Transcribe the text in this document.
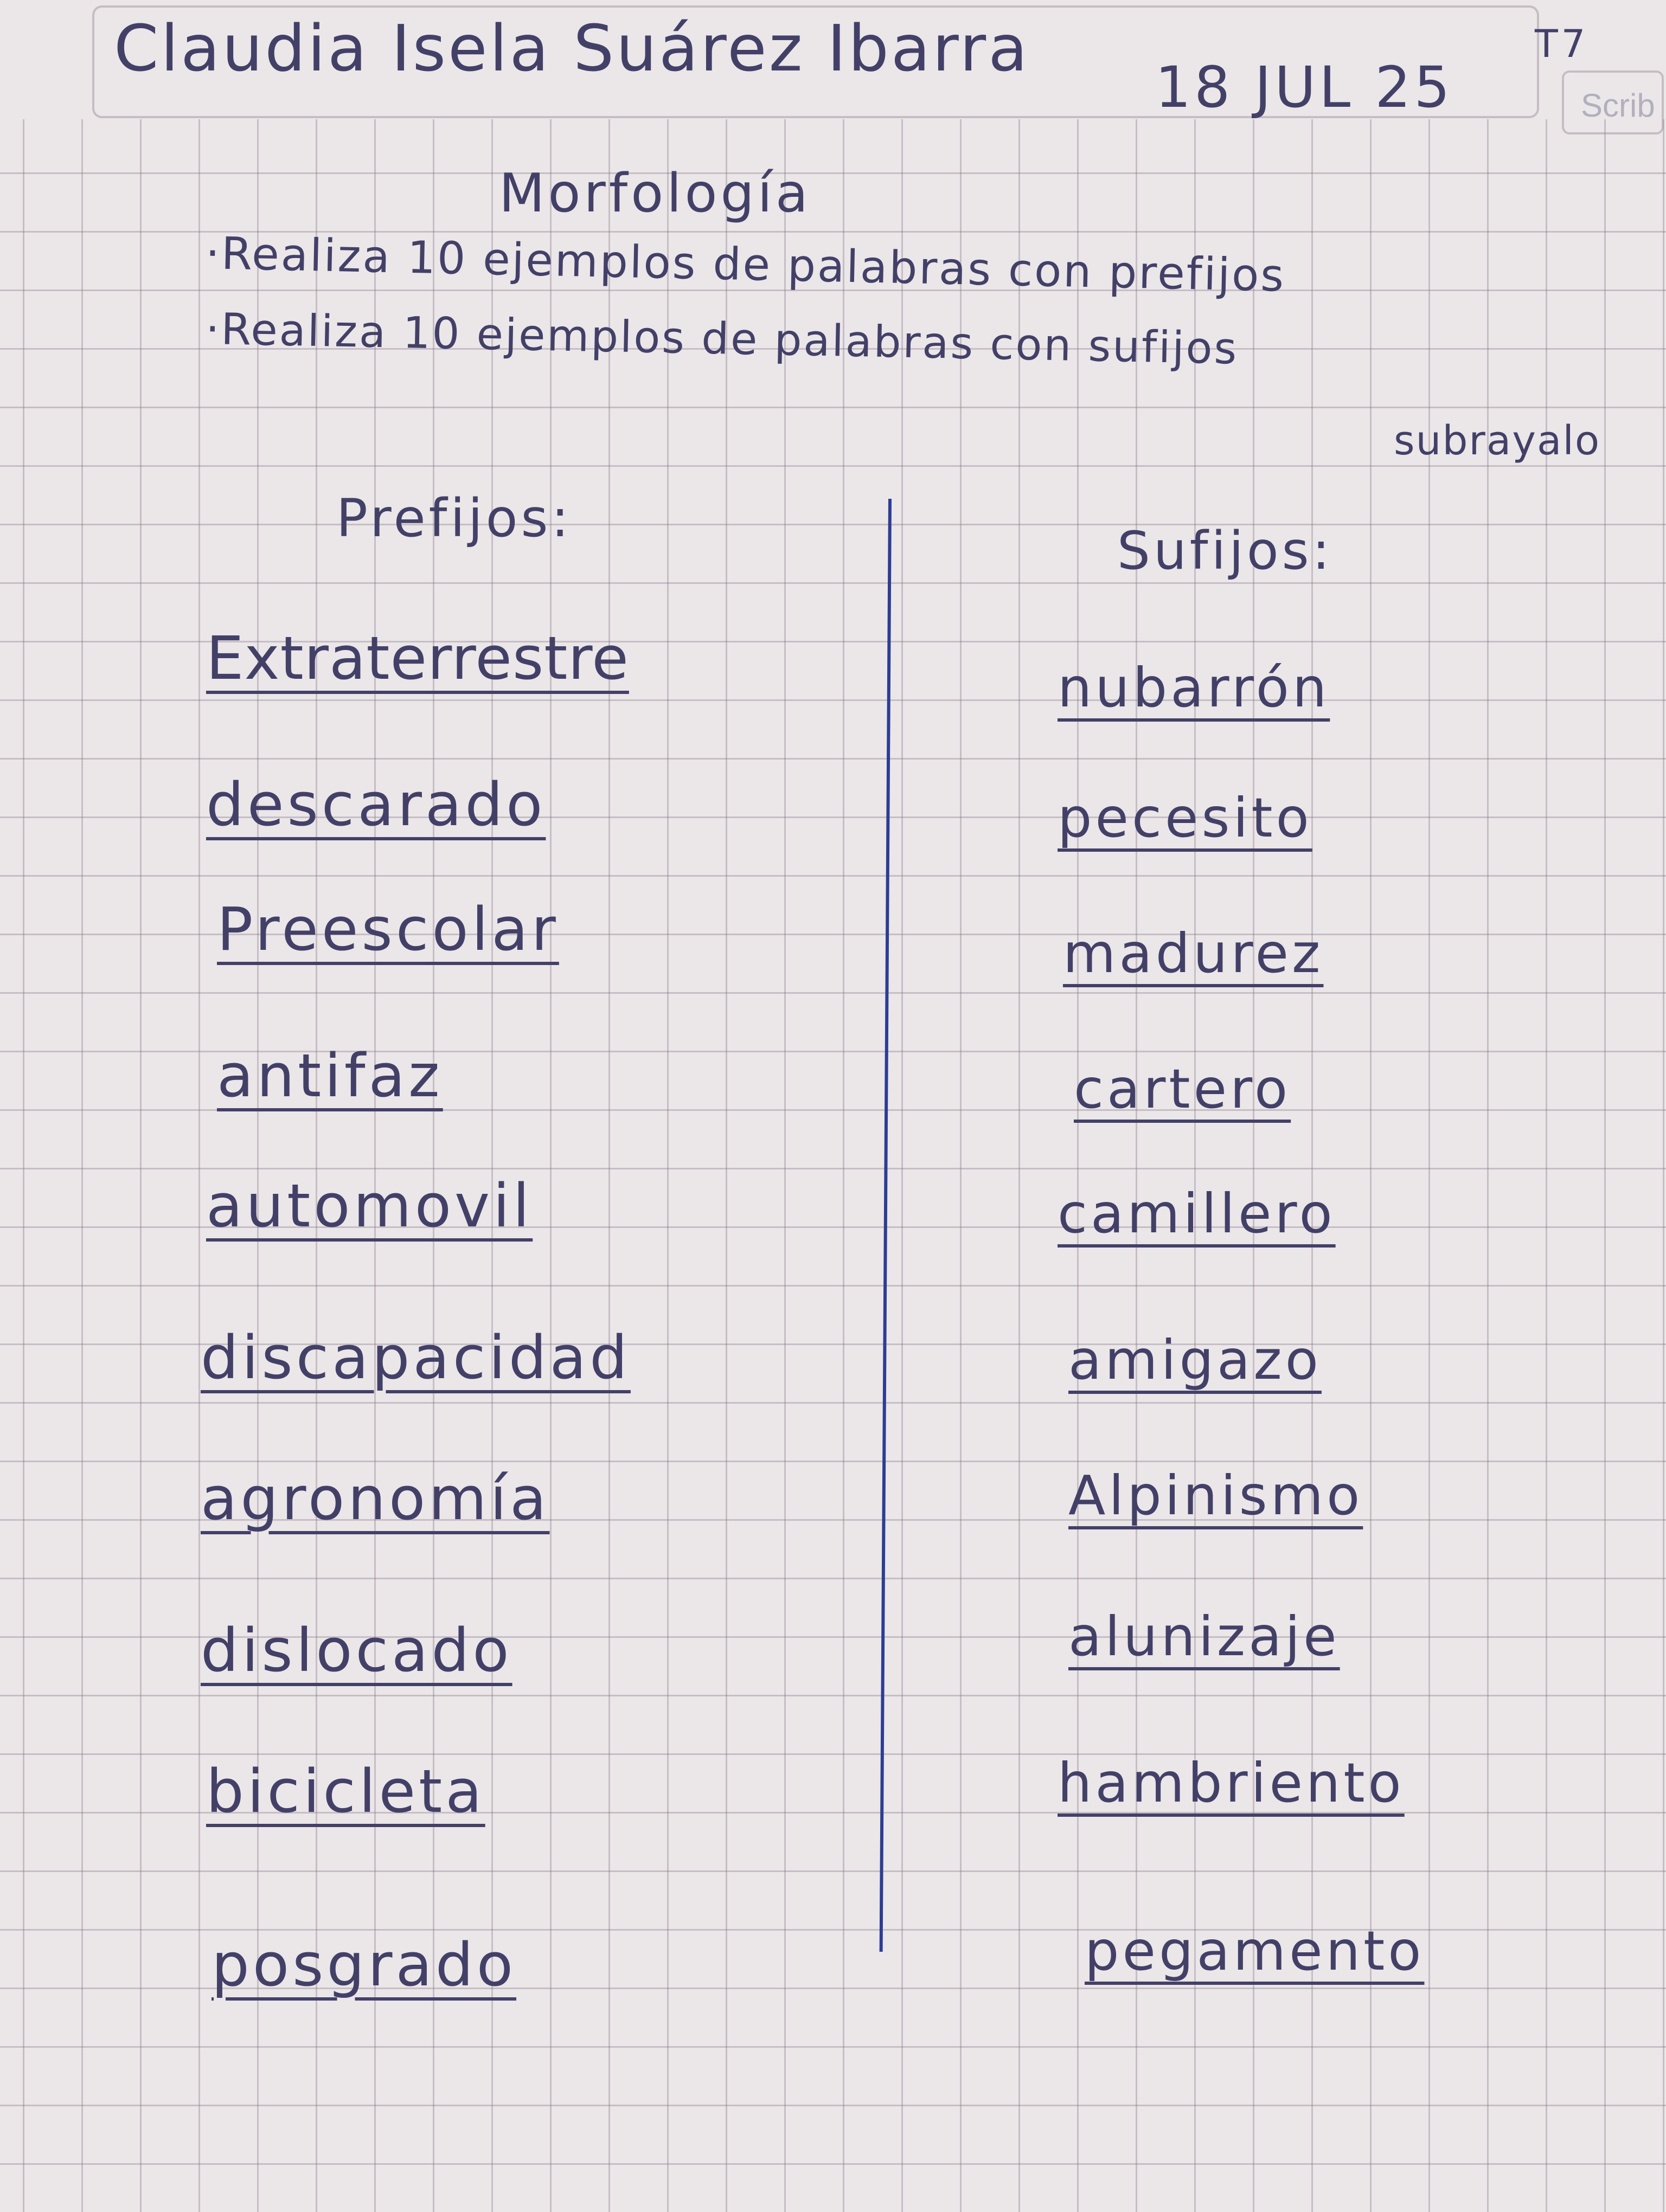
Claudia Isela Suárez Ibarra
18 JUL 25
T7
Scrib
Morfología
·Realiza 10 ejemplos de palabras con prefijos
·Realiza 10 ejemplos de palabras con sufijos
subrayalo
Prefijos:
Extraterrestre
descarado
Preescolar
antifaz
automovil
discapacidad
agronomía
dislocado
bicicleta
posgrado
Sufijos:
nubarrón
pecesito
madurez
cartero
camillero
amigazo
Alpinismo
alunizaje
hambriento
pegamento
